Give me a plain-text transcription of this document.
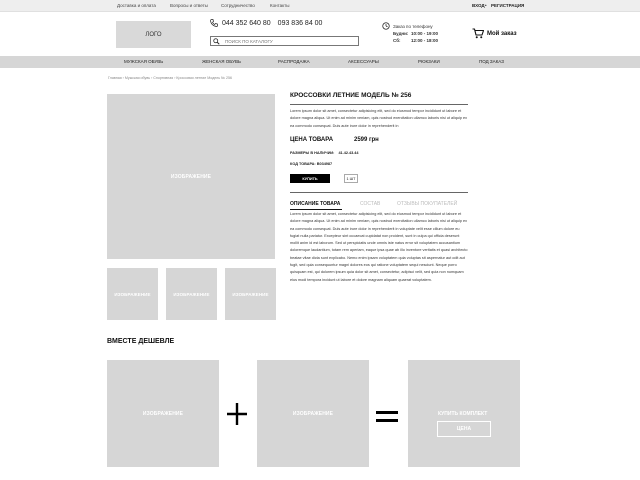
Доставка и оплата	Вопросы и ответы	Сотрудничество	Контакты	ВХОД • РЕГИСТРАЦИЯ
ЛОГО
044 352 640 80 093 836 84 00
ПОИСК ПО КАТАЛОГУ	Заказ по телефону
Будни: 10:00 - 19:00
Сб: 12:00 - 18:00
Мой заказ
МУЖСКАЯ ОБУВЬ	ЖЕНСКАЯ ОБУВЬ	РАСПРОДАЖА	АКСЕССУАРЫ	РЮКЗАКИ	ПОД ЗАКАЗ
Главная › Мужская обувь › Спортивная › Кроссовки летние Модель № 256
ИЗОБРАЖЕНИЕ
ИЗОБРАЖЕНИЕ	ИЗОБРАЖЕНИЕ	ИЗОБРАЖЕНИЕ
КРОССОВКИ ЛЕТНИЕ МОДЕЛЬ № 256
Lorem ipsum dolor sit amet, consectetur adipisicing elit, sed do eiusmod tempor incididunt ut labore et dolore magna aliqua. Ut enim ad minim veniam, quis nostrud exercitation ullamco laboris nisi ut aliquip ex ea commodo consequat. Duis aute irure dolor in reprehenderit in
ЦЕНА ТОВАРА	2599 грн
РАЗМЕРЫ В НАЛИЧИИ: 41.42.43.44
КОД ТОВАРА: B034987
КУПИТЬ	1 ШТ
ОПИСАНИЕ ТОВАРА	СОСТАВ	ОТЗЫВЫ ПОКУПАТЕЛЕЙ
Lorem ipsum dolor sit amet, consectetur adipisicing elit, sed do eiusmod tempor incididunt ut labore et dolore magna aliqua. Ut enim ad minim veniam, quis nostrud exercitation ullamco laboris nisi ut aliquip ex ea commodo consequat. Duis aute irure dolor in reprehenderit in voluptate velit esse cillum dolore eu fugiat nulla pariatur. Excepteur sint occaecat cupidatat non proident, sunt in culpa qui officia deserunt mollit anim id est laborum. Sed ut perspiciatis unde omnis iste natus error sit voluptatem accusantium doloremque laudantium, totam rem aperiam, eaque ipsa quae ab illo inventore veritatis et quasi architecto beatae vitae dicta sunt explicabo. Nemo enim ipsam voluptatem quia voluptas sit aspernatur aut odit aut fugit, sed quia consequuntur magni dolores eos qui ratione voluptatem sequi nesciunt. Neque porro quisquam est, qui dolorem ipsum quia dolor sit amet, consectetur, adipisci velit, sed quia non numquam eius modi tempora incidunt ut labore et dolore magnam aliquam quaerat voluptatem.
ВМЕСТЕ ДЕШЕВЛЕ
ИЗОБРАЖЕНИЕ	ИЗОБРАЖЕНИЕ	КУПИТЬ КОМПЛЕКТ
ЦЕНА
